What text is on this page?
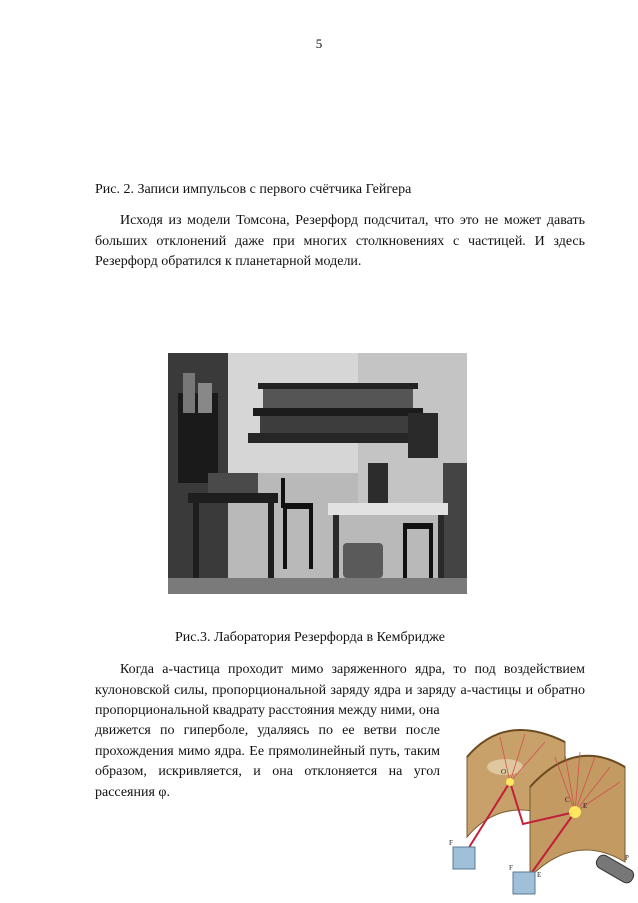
5
Рис. 2. Записи импульсов с первого счётчика Гейгера
Исходя из модели Томсона, Резерфорд подсчитал, что это не может давать больших отклонений даже при многих столкновениях с частицей. И здесь Резерфорд обратился к планетарной модели.
Рис.3. Лаборатория Резерфорда в Кембридже
Когда а-частица проходит мимо заряженного ядра, то под воздействием кулоновской силы, пропорциональной заряду ядра и заряду а-частицы и обратно пропорциональной квадрату расстояния между ними, она
движется по гиперболе, удаляясь по ее ветви после прохождения мимо ядра. Ее прямолинейный путь, таким образом, искривляется, и она отклоняется на угол рассеяния φ.
F
F
E
E
C
O
P
